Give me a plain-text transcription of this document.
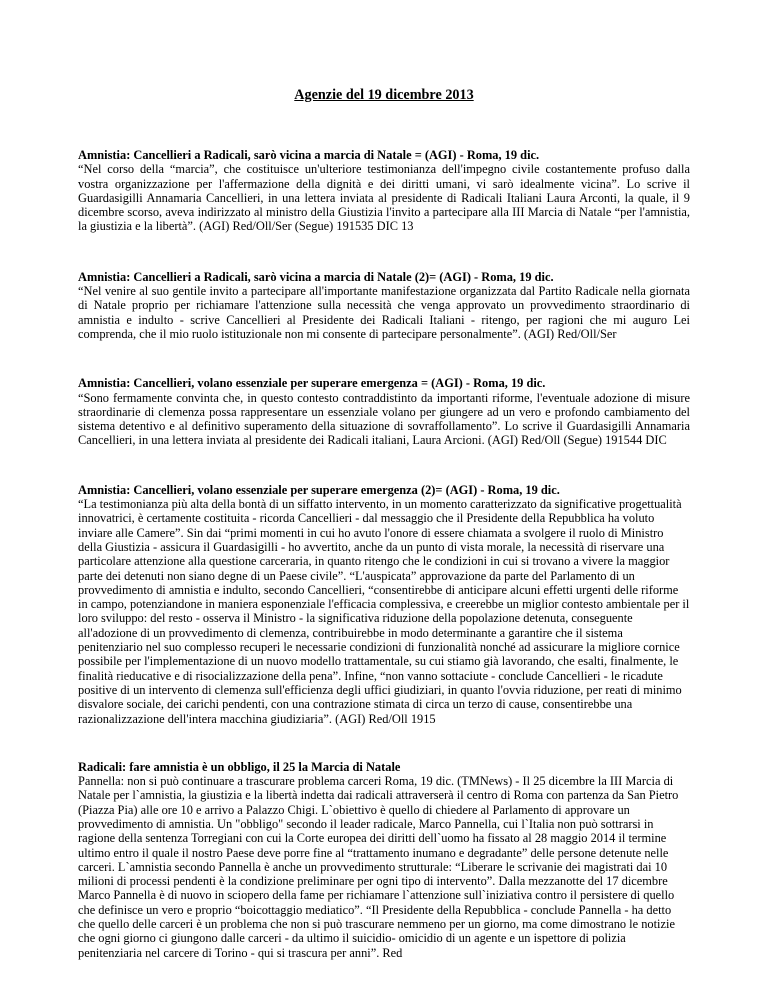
Agenzie del 19 dicembre 2013

Amnistia: Cancellieri a Radicali, sarò vicina a marcia di Natale = (AGI) - Roma, 19 dic.

“Nel corso della “marcia”, che costituisce un'ulteriore testimonianza dell'impegno civile costantemente profuso dalla vostra organizzazione per l'affermazione della dignità e dei diritti umani, vi sarò idealmente vicina”. Lo scrive il Guardasigilli Annamaria Cancellieri, in una lettera inviata al presidente di Radicali Italiani Laura Arconti, la quale, il 9 dicembre scorso, aveva indirizzato al ministro della Giustizia l'invito a partecipare alla III Marcia di Natale “per l'amnistia, la giustizia e la libertà”. (AGI) Red/Oll/Ser (Segue) 191535 DIC 13

Amnistia: Cancellieri a Radicali, sarò vicina a marcia di Natale (2)= (AGI) - Roma, 19 dic.

“Nel venire al suo gentile invito a partecipare all'importante manifestazione organizzata dal Partito Radicale nella giornata di Natale proprio per richiamare l'attenzione sulla necessità che venga approvato un provvedimento straordinario di amnistia e indulto - scrive Cancellieri al Presidente dei Radicali Italiani - ritengo, per ragioni che mi auguro Lei comprenda, che il mio ruolo istituzionale non mi consente di partecipare personalmente”. (AGI) Red/Oll/Ser

Amnistia: Cancellieri, volano essenziale per superare emergenza = (AGI) - Roma, 19 dic.

“Sono fermamente convinta che, in questo contesto contraddistinto da importanti riforme, l'eventuale adozione di misure straordinarie di clemenza possa rappresentare un essenziale volano per giungere ad un vero e profondo cambiamento del sistema detentivo e al definitivo superamento della situazione di sovraffollamento”. Lo scrive il Guardasigilli Annamaria Cancellieri, in una lettera inviata al presidente dei Radicali italiani, Laura Arcioni. (AGI) Red/Oll (Segue) 191544 DIC

Amnistia: Cancellieri, volano essenziale per superare emergenza (2)= (AGI) - Roma, 19 dic.

“La testimonianza più alta della bontà di un siffatto intervento, in un momento caratterizzato da significative progettualità innovatrici, è certamente costituita - ricorda Cancellieri - dal messaggio che il Presidente della Repubblica ha voluto inviare alle Camere”. Sin dai “primi momenti in cui ho avuto l'onore di essere chiamata a svolgere il ruolo di Ministro della Giustizia - assicura il Guardasigilli - ho avvertito, anche da un punto di vista morale, la necessità di riservare una particolare attenzione alla questione carceraria, in quanto ritengo che le condizioni in cui si trovano a vivere la maggior parte dei detenuti non siano degne di un Paese civile”. “L'auspicata” approvazione da parte del Parlamento di un provvedimento di amnistia e indulto, secondo Cancellieri, “consentirebbe di anticipare alcuni effetti urgenti delle riforme in campo, potenziandone in maniera esponenziale l'efficacia complessiva, e creerebbe un miglior contesto ambientale per il loro sviluppo: del resto - osserva il Ministro - la significativa riduzione della popolazione detenuta, conseguente all'adozione di un provvedimento di clemenza, contribuirebbe in modo determinante a garantire che il sistema penitenziario nel suo complesso recuperi le necessarie condizioni di funzionalità nonché ad assicurare la migliore cornice possibile per l'implementazione di un nuovo modello trattamentale, su cui stiamo già lavorando, che esalti, finalmente, le finalità rieducative e di risocializzazione della pena”. Infine, “non vanno sottaciute - conclude Cancellieri - le ricadute positive di un intervento di clemenza sull'efficienza degli uffici giudiziari, in quanto l'ovvia riduzione, per reati di minimo disvalore sociale, dei carichi pendenti, con una contrazione stimata di circa un terzo di cause, consentirebbe una razionalizzazione dell'intera macchina giudiziaria”. (AGI) Red/Oll 1915

Radicali: fare amnistia è un obbligo, il 25 la Marcia di Natale

Pannella: non si può continuare a trascurare problema carceri Roma, 19 dic. (TMNews) - Il 25 dicembre la III Marcia di Natale per l`amnistia, la giustizia e la libertà indetta dai radicali attraverserà il centro di Roma con partenza da San Pietro (Piazza Pia) alle ore 10 e arrivo a Palazzo Chigi. L`obiettivo è quello di chiedere al Parlamento di approvare un provvedimento di amnistia. Un "obbligo" secondo il leader radicale, Marco Pannella, cui l`Italia non può sottrarsi in ragione della sentenza Torregiani con cui la Corte europea dei diritti dell`uomo ha fissato al 28 maggio 2014 il termine ultimo entro il quale il nostro Paese deve porre fine al “trattamento inumano e degradante” delle persone detenute nelle carceri. L`amnistia secondo Pannella è anche un provvedimento strutturale: “Liberare le scrivanie dei magistrati dai 10 milioni di processi pendenti è la condizione preliminare per ogni tipo di intervento”. Dalla mezzanotte del 17 dicembre Marco Pannella è di nuovo in sciopero della fame per richiamare l`attenzione sull`iniziativa contro il persistere di quello che definisce un vero e proprio “boicottaggio mediatico”. “Il Presidente della Repubblica - conclude Pannella - ha detto che quello delle carceri è un problema che non si può trascurare nemmeno per un giorno, ma come dimostrano le notizie che ogni giorno ci giungono dalle carceri - da ultimo il suicidio- omicidio di un agente e un ispettore di polizia penitenziaria nel carcere di Torino - qui si trascura per anni”. Red
